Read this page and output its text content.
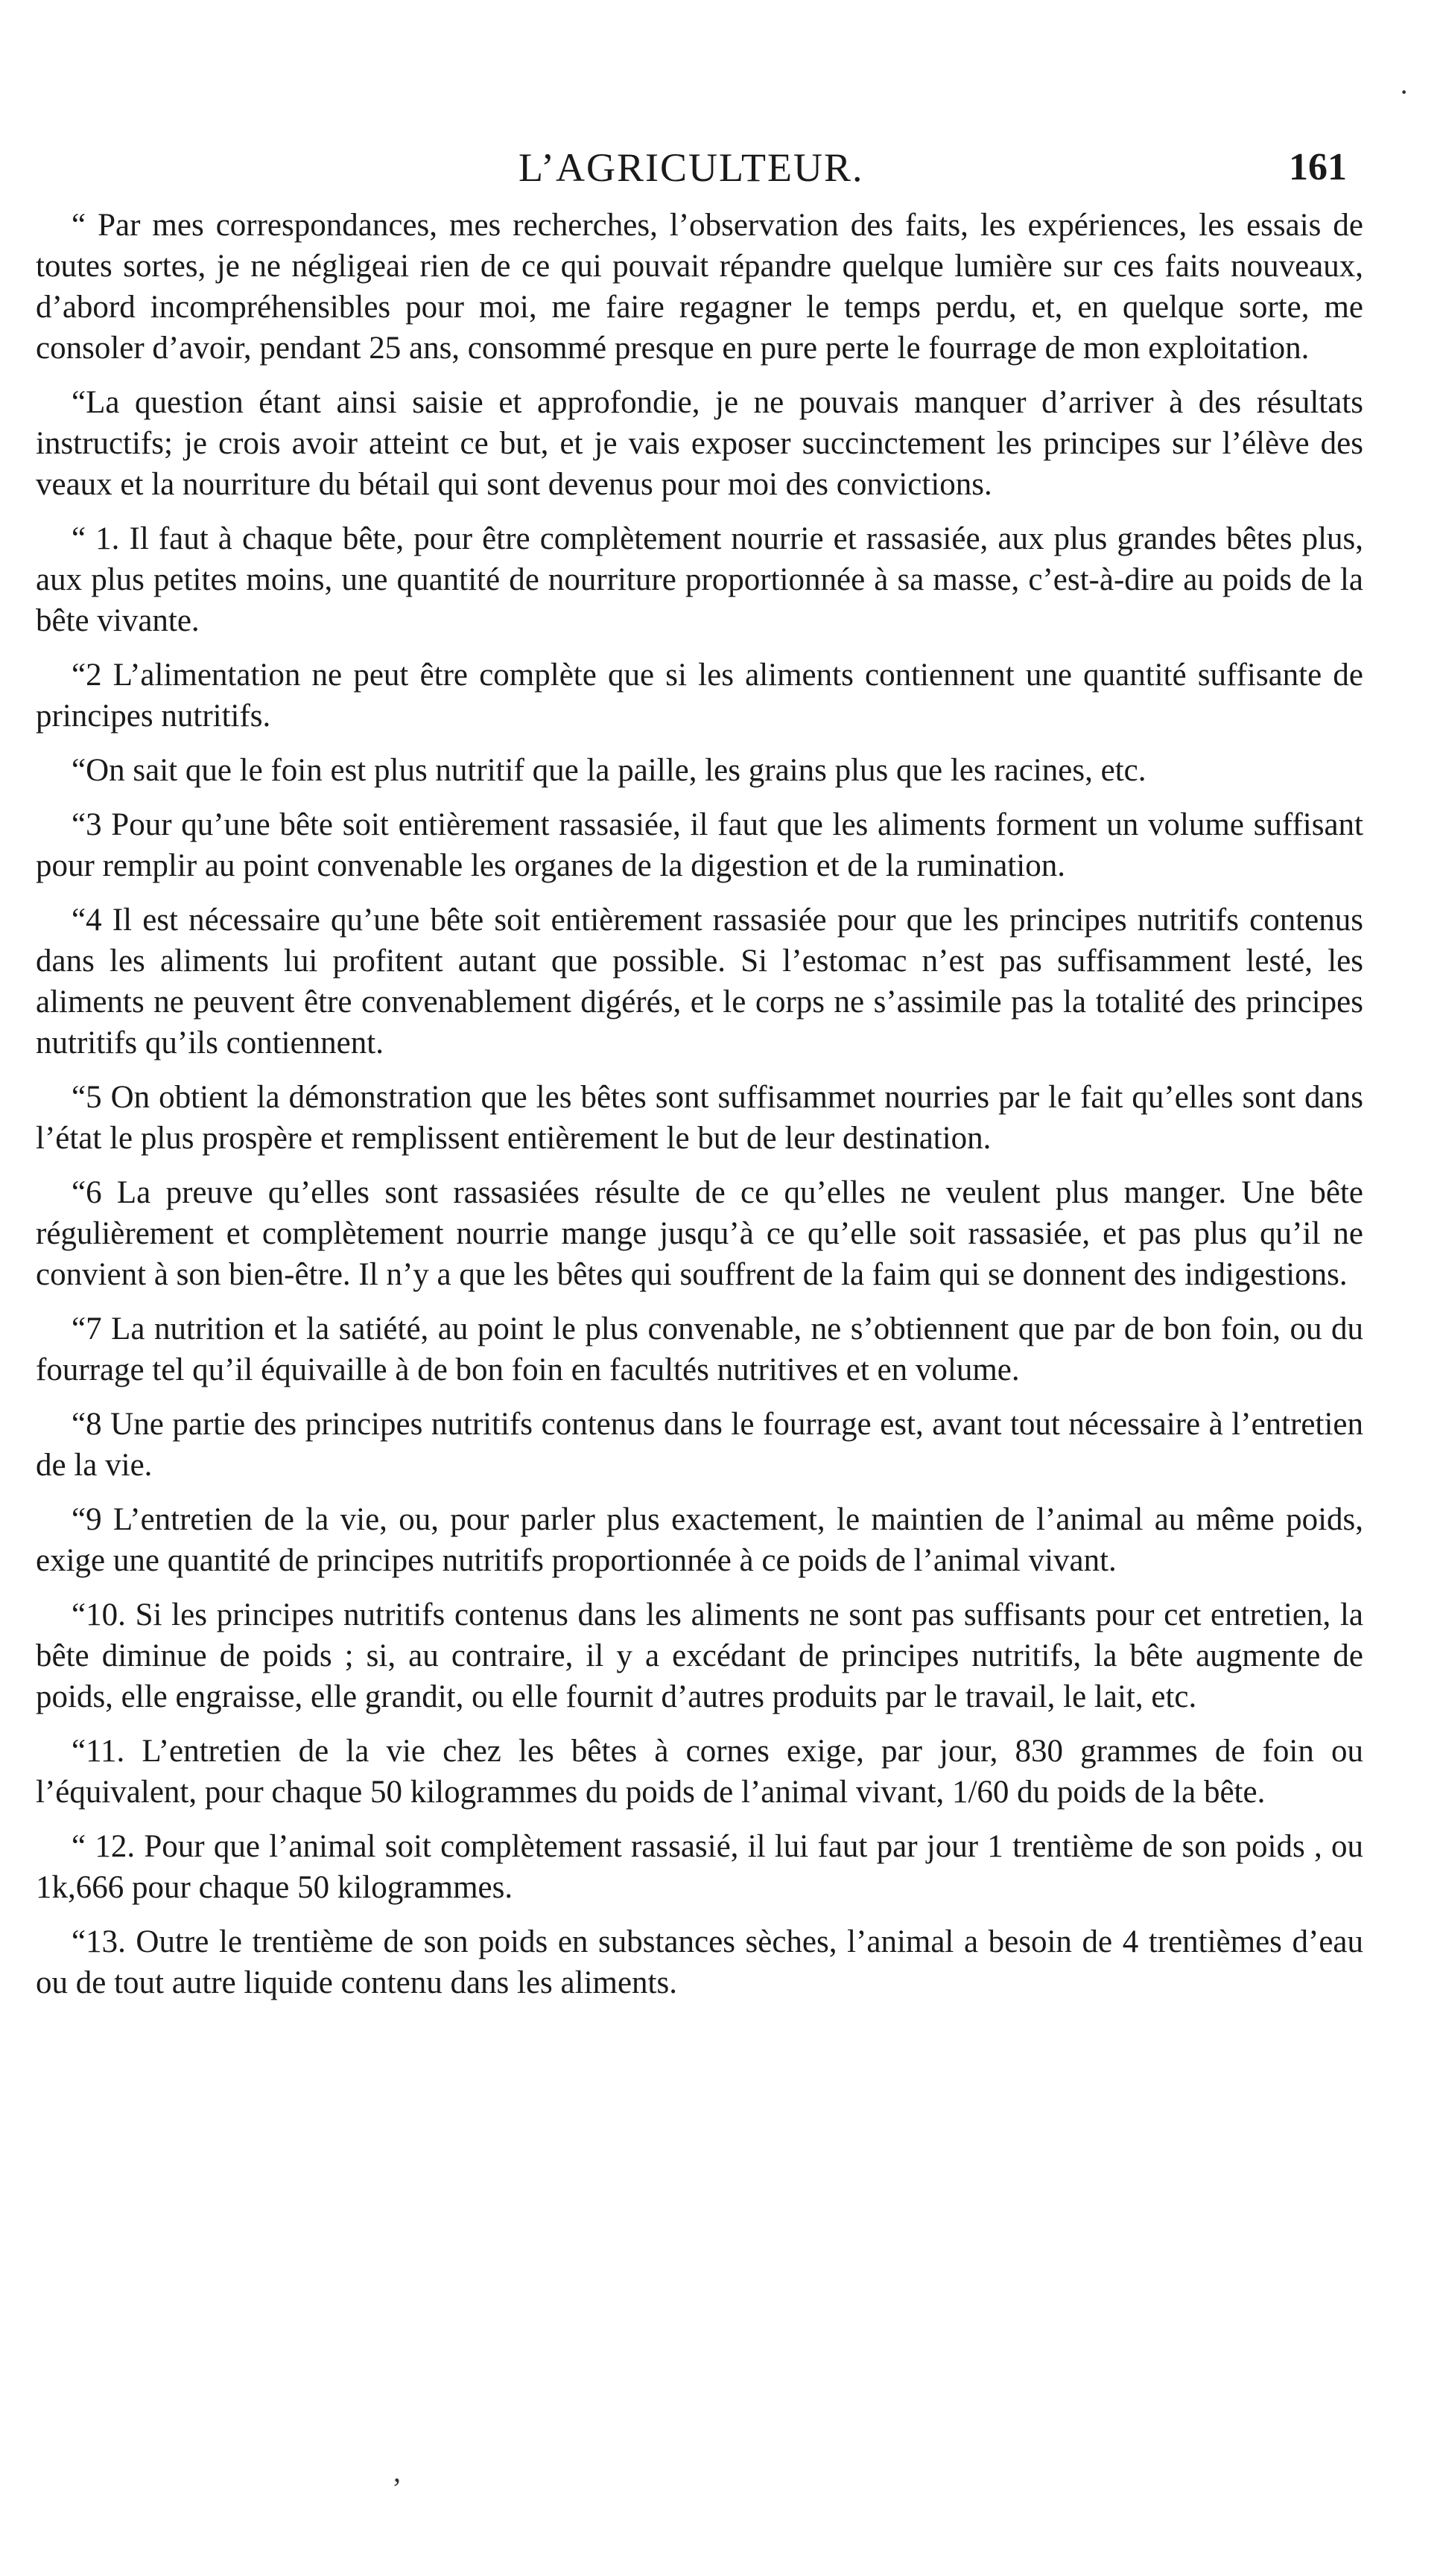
L’AGRICULTEUR.	161

“ Par mes correspondances, mes recherches, l’observation des faits, les expériences, les essais de toutes sortes, je ne négligeai rien de ce qui pouvait répandre quelque lumière sur ces faits nouveaux, d’abord incompréhensibles pour moi, me faire regagner le temps perdu, et, en quelque sorte, me consoler d’avoir, pendant 25 ans, consommé presque en pure perte le fourrage de mon exploitation.

“La question étant ainsi saisie et approfondie, je ne pouvais manquer d’arriver à des résultats instructifs; je crois avoir atteint ce but, et je vais exposer succinctement les principes sur l’élève des veaux et la nourriture du bétail qui sont devenus pour moi des convictions.

“ 1. Il faut à chaque bête, pour être complètement nourrie et rassasiée, aux plus grandes bêtes plus, aux plus petites moins, une quantité de nourriture proportionnée à sa masse, c’est-à-dire au poids de la bête vivante.

“2 L’alimentation ne peut être complète que si les aliments contiennent une quantité suffisante de principes nutritifs.

“On sait que le foin est plus nutritif que la paille, les grains plus que les racines, etc.

“3 Pour qu’une bête soit entièrement rassasiée, il faut que les aliments forment un volume suffisant pour remplir au point convenable les organes de la digestion et de la rumination.

“4 Il est nécessaire qu’une bête soit entièrement rassasiée pour que les principes nutritifs contenus dans les aliments lui profitent autant que possible. Si l’estomac n’est pas suffisamment lesté, les aliments ne peuvent être convenablement digérés, et le corps ne s’assimile pas la totalité des principes nutritifs qu’ils contiennent.

“5 On obtient la démonstration que les bêtes sont suffisammet nourries par le fait qu’elles sont dans l’état le plus prospère et remplissent entièrement le but de leur destination.

“6 La preuve qu’elles sont rassasiées résulte de ce qu’elles ne veulent plus manger. Une bête régulièrement et complètement nourrie mange jusqu’à ce qu’elle soit rassasiée, et pas plus qu’il ne convient à son bien-être. Il n’y a que les bêtes qui souffrent de la faim qui se donnent des indigestions.

“7 La nutrition et la satiété, au point le plus convenable, ne s’obtiennent que par de bon foin, ou du fourrage tel qu’il équivaille à de bon foin en facultés nutritives et en volume.

“8 Une partie des principes nutritifs contenus dans le fourrage est, avant tout nécessaire à l’entretien de la vie.

“9 L’entretien de la vie, ou, pour parler plus exactement, le maintien de l’animal au même poids, exige une quantité de principes nutritifs proportionnée à ce poids de l’animal vivant.

“10. Si les principes nutritifs contenus dans les aliments ne sont pas suffisants pour cet entretien, la bête diminue de poids ; si, au contraire, il y a excédant de principes nutritifs, la bête augmente de poids, elle engraisse, elle grandit, ou elle fournit d’autres produits par le travail, le lait, etc.

“11. L’entretien de la vie chez les bêtes à cornes exige, par jour, 830 grammes de foin ou l’équivalent, pour chaque 50 kilogrammes du poids de l’animal vivant, 1/60 du poids de la bête.

“ 12. Pour que l’animal soit complètement rassasié, il lui faut par jour 1 trentième de son poids , ou 1k,666 pour chaque 50 kilogrammes.

“13. Outre le trentième de son poids en substances sèches, l’animal a besoin de 4 trentièmes d’eau ou de tout autre liquide contenu dans les aliments.

·
ʼ
